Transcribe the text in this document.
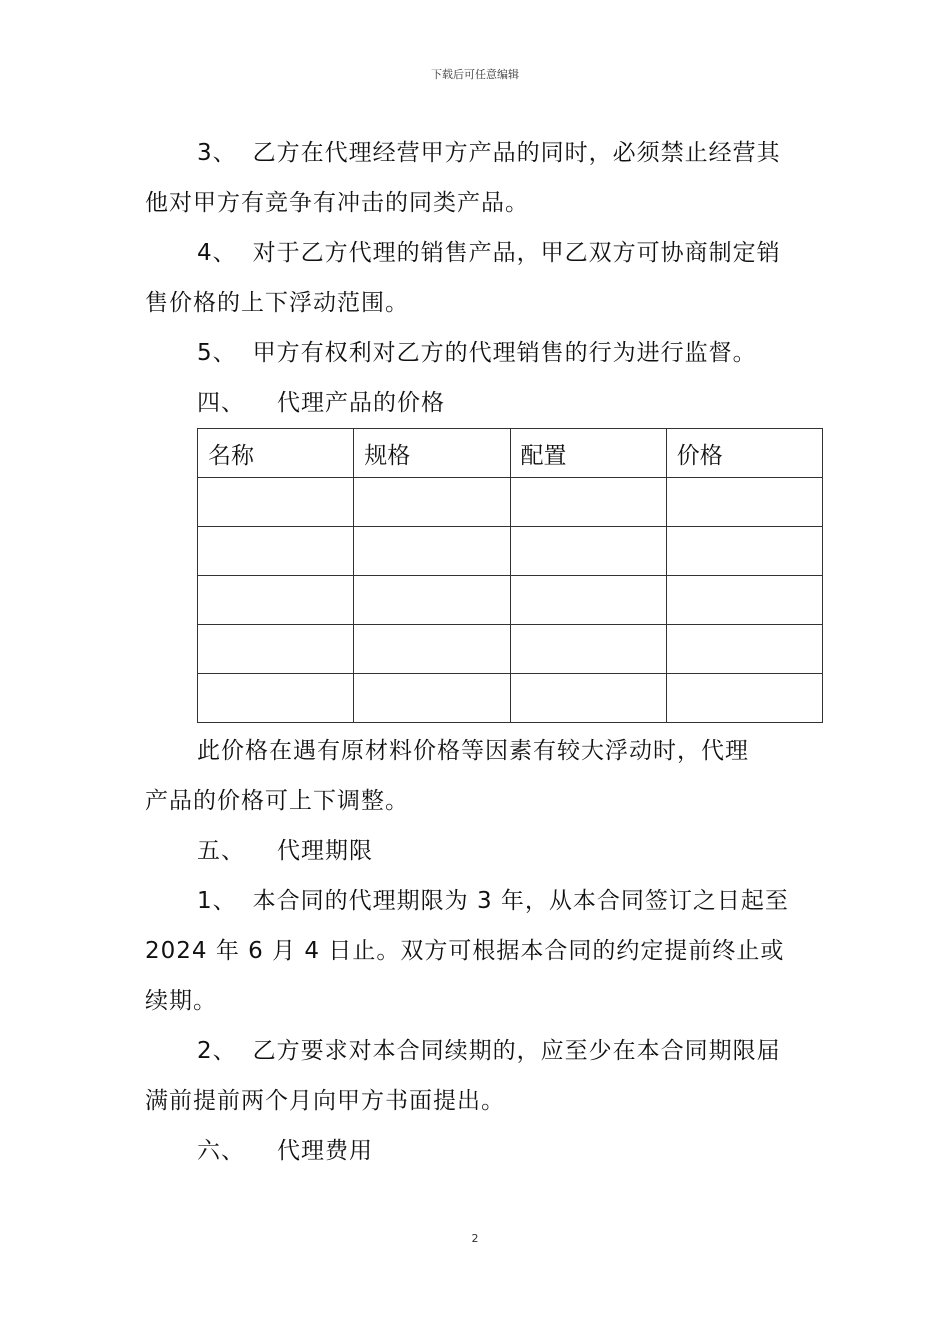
下载后可任意编辑

3、 乙方在代理经营甲方产品的同时，必须禁止经营其

他对甲方有竞争有冲击的同类产品。

4、 对于乙方代理的销售产品，甲乙双方可协商制定销

售价格的上下浮动范围。

5、 甲方有权利对乙方的代理销售的行为进行监督。

四、 代理产品的价格

名称	规格	配置	价格

此价格在遇有原材料价格等因素有较大浮动时，代理

产品的价格可上下调整。

五、 代理期限

1、 本合同的代理期限为 3 年，从本合同签订之日起至

2024 年 6 月 4 日止。双方可根据本合同的约定提前终止或

续期。

2、 乙方要求对本合同续期的，应至少在本合同期限届

满前提前两个月向甲方书面提出。

六、 代理费用

2
